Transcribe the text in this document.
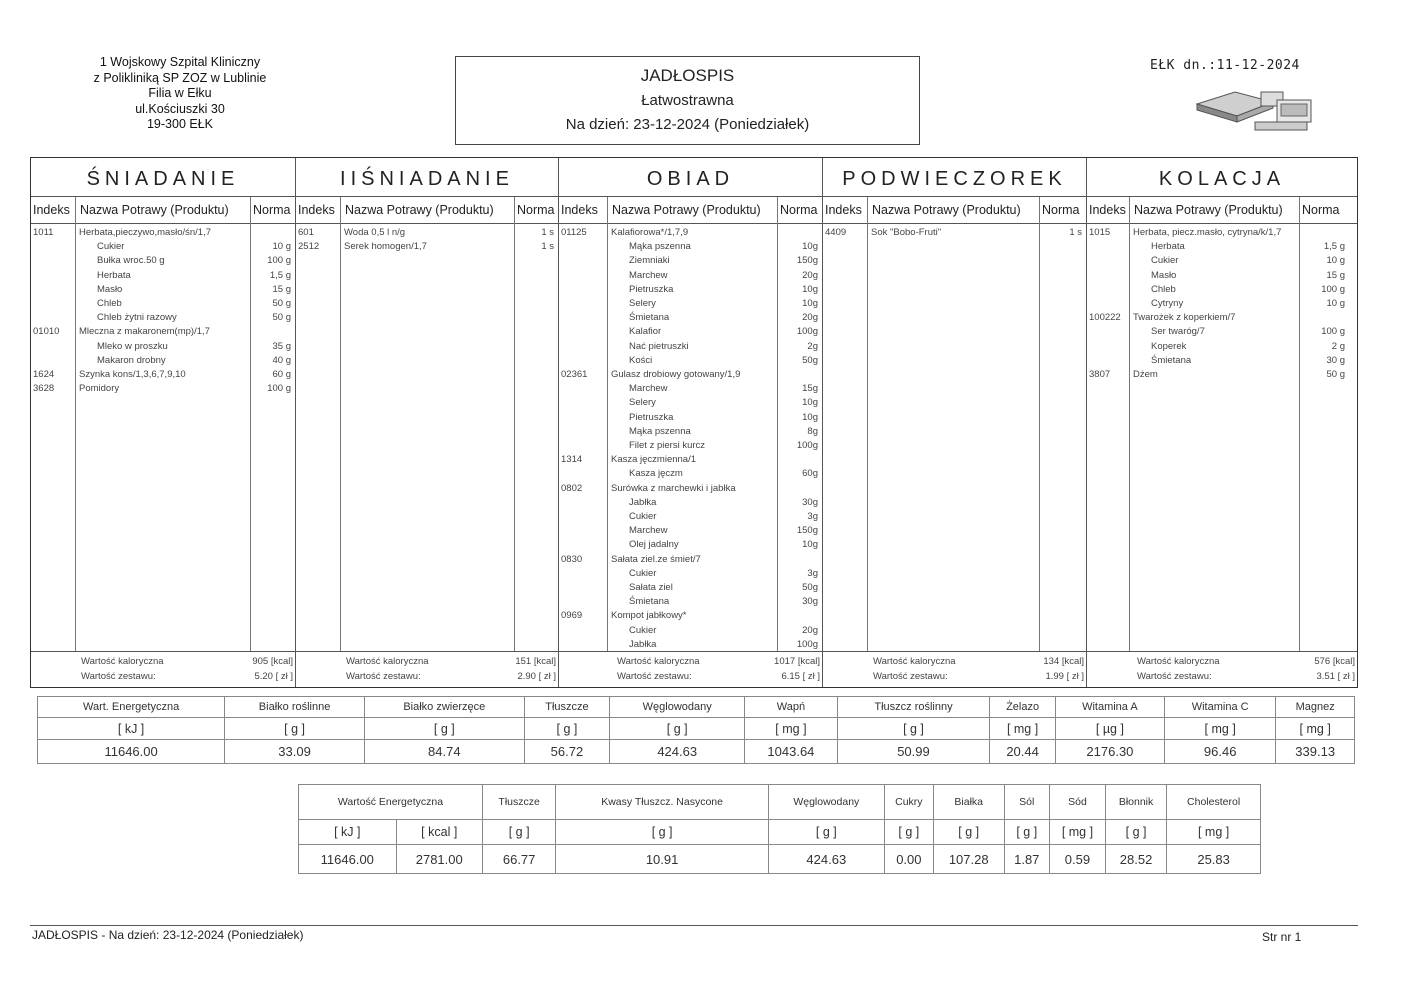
1 Wojskowy Szpital Kliniczny
z Polikliniką SP ZOZ w Lublinie
Filia w Ełku
ul.Kościuszki 30
19-300 EŁK
JADŁOSPIS
Łatwostrawna
Na dzień: 23-12-2024 (Poniedziałek)
EŁK dn.:11-12-2024
ŚNIADANIE
Indeks Nazwa Potrawy (Produktu) Norma
1011	Herbata,pieczywo,masło/śn/1,7
Cukier	10 g
Bułka wroc.50 g	100 g
Herbata	1,5 g
Masło	15 g
Chleb	50 g
Chleb żytni razowy	50 g
01010 Mleczna z makaronem(mp)/1,7
Mleko w proszku	35 g
Makaron drobny	40 g
1624	Szynka kons/1,3,6,7,9,10	60 g
3628	Pomidory	100 g
Wartość kaloryczna	905 [kcal]
Wartość zestawu:	5.20 [ zł ]
IIŚNIADANIE
Indeks Nazwa Potrawy (Produktu) Norma
601	Woda 0,5 l n/g	1 s
2512	Serek homogen/1,7	1 s
Wartość kaloryczna	151 [kcal]
Wartość zestawu:	2.90 [ zł ]
OBIAD
Indeks Nazwa Potrawy (Produktu) Norma
01125	Kalafiorowa*/1,7,9
Mąka pszenna	10g
Ziemniaki	150g
Marchew	20g
Pietruszka	10g
Selery	10g
Śmietana	20g
Kalafior	100g
Nać pietruszki	2g
Kości	50g
02361 Gulasz drobiowy gotowany/1,9
Marchew	15g
Selery	10g
Pietruszka	10g
Mąka pszenna	8g
Filet z piersi kurcz	100g
1314	Kasza jęczmienna/1
Kasza jęczm	60g
0802	Surówka z marchewki i jabłka
Jabłka	30g
Cukier	3g
Marchew	150g
Olej jadalny	10g
0830	Sałata ziel.ze śmiet/7
Cukier	3g
Sałata ziel	50g
Śmietana	30g
0969	Kompot jabłkowy*
Cukier	20g
Jabłka	100g
Wartość kaloryczna	1017 [kcal]
Wartość zestawu:	6.15 [ zł ]
PODWIECZOREK
Indeks Nazwa Potrawy (Produktu) Norma
4409	Sok "Bobo-Fruti"	1 s
Wartość kaloryczna	134 [kcal]
Wartość zestawu:	1.99 [ zł ]
KOLACJA
Indeks Nazwa Potrawy (Produktu) Norma
1015 Herbata, piecz.masło, cytryna/k/1,7
Herbata	1,5 g
Cukier	10 g
Masło	15 g
Chleb	100 g
Cytryny	10 g
100222 Twarożek z koperkiem/7
Ser twaróg/7	100 g
Koperek	2 g
Śmietana	30 g
3807 Dżem	50 g
Wartość kaloryczna	576 [kcal]
Wartość zestawu:	3.51 [ zł ]
Wart. Energetyczna	Białko roślinne	Białko zwierzęce	Tłuszcze	Węglowodany	Wapń	Tłuszcz roślinny	Żelazo	Witamina A	Witamina C	Magnez
[ kJ ]	[ g ]	[ g ]	[ g ]	[ g ]	[ mg ]	[ g ]	[ mg ]	[ µg ]	[ mg ]	[ mg ]
11646.00	33.09	84.74	56.72	424.63	1043.64	50.99	20.44	2176.30	96.46	339.13
Wartość Energetyczna		Tłuszcze	Kwasy Tłuszcz. Nasycone	Węglowodany	Cukry	Białka	Sól	Sód	Błonnik	Cholesterol
[ kJ ]	[ kcal ]	[ g ]	[ g ]	[ g ]	[ g ]	[ g ]	[ g ]	[ mg ]	[ g ]	[ mg ]
11646.00	2781.00	66.77	10.91	424.63	0.00	107.28	1.87	0.59	28.52	25.83
JADŁOSPIS - Na dzień: 23-12-2024 (Poniedziałek)	Str nr 1
